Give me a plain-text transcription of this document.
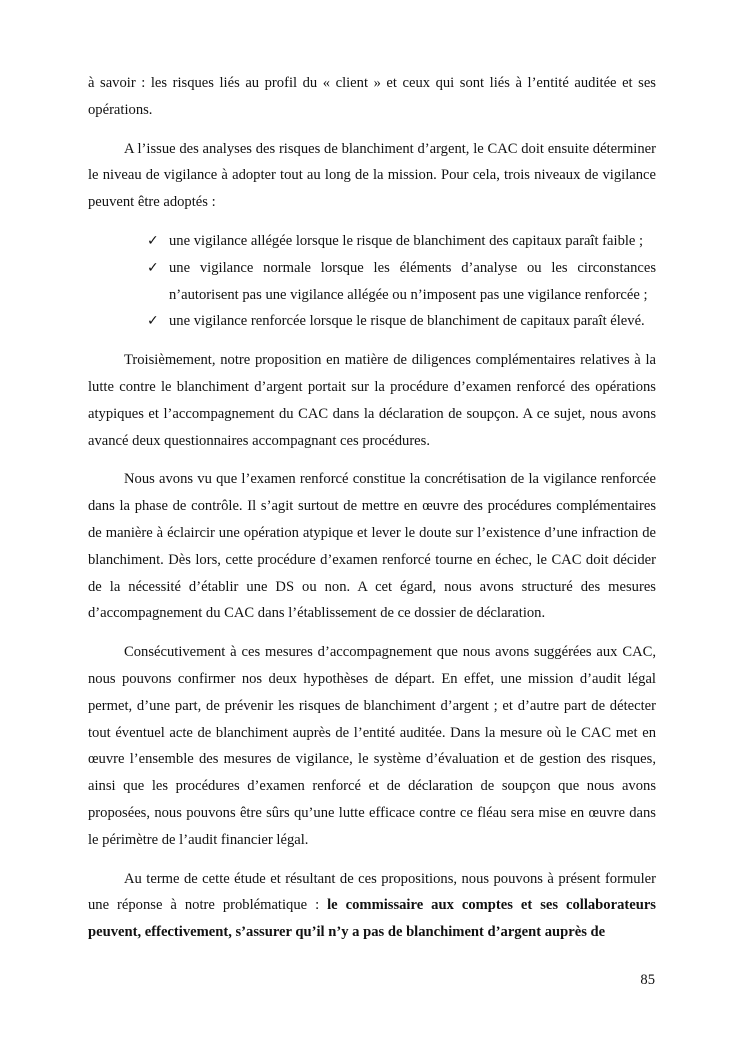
à savoir : les risques liés au profil du « client » et ceux qui sont liés à l’entité auditée et ses opérations.

A l’issue des analyses des risques de blanchiment d’argent, le CAC doit ensuite déterminer le niveau de vigilance à adopter tout au long de la mission. Pour cela, trois niveaux de vigilance peuvent être adoptés :

✓ une vigilance allégée lorsque le risque de blanchiment des capitaux paraît faible ;
✓ une vigilance normale lorsque les éléments d’analyse ou les circonstances n’autorisent pas une vigilance allégée ou n’imposent pas une vigilance renforcée ;
✓ une vigilance renforcée lorsque le risque de blanchiment de capitaux paraît élevé.

Troisièmement, notre proposition en matière de diligences complémentaires relatives à la lutte contre le blanchiment d’argent portait sur la procédure d’examen renforcé des opérations atypiques et l’accompagnement du CAC dans la déclaration de soupçon. A ce sujet, nous avons avancé deux questionnaires accompagnant ces procédures.

Nous avons vu que l’examen renforcé constitue la concrétisation de la vigilance renforcée dans la phase de contrôle. Il s’agit surtout de mettre en œuvre des procédures complémentaires de manière à éclaircir une opération atypique et lever le doute sur l’existence d’une infraction de blanchiment. Dès lors, cette procédure d’examen renforcé tourne en échec, le CAC doit décider de la nécessité d’établir une DS ou non. A cet égard, nous avons structuré des mesures d’accompagnement du CAC dans l’établissement de ce dossier de déclaration.

Consécutivement à ces mesures d’accompagnement que nous avons suggérées aux CAC, nous pouvons confirmer nos deux hypothèses de départ. En effet, une mission d’audit légal permet, d’une part, de prévenir les risques de blanchiment d’argent ; et d’autre part de détecter tout éventuel acte de blanchiment auprès de l’entité auditée. Dans la mesure où le CAC met en œuvre l’ensemble des mesures de vigilance, le système d’évaluation et de gestion des risques, ainsi que les procédures d’examen renforcé et de déclaration de soupçon que nous avons proposées, nous pouvons être sûrs qu’une lutte efficace contre ce fléau sera mise en œuvre dans le périmètre de l’audit financier légal.

Au terme de cette étude et résultant de ces propositions, nous pouvons à présent formuler une réponse à notre problématique : le commissaire aux comptes et ses collaborateurs peuvent, effectivement, s’assurer qu’il n’y a pas de blanchiment d’argent auprès de

85
